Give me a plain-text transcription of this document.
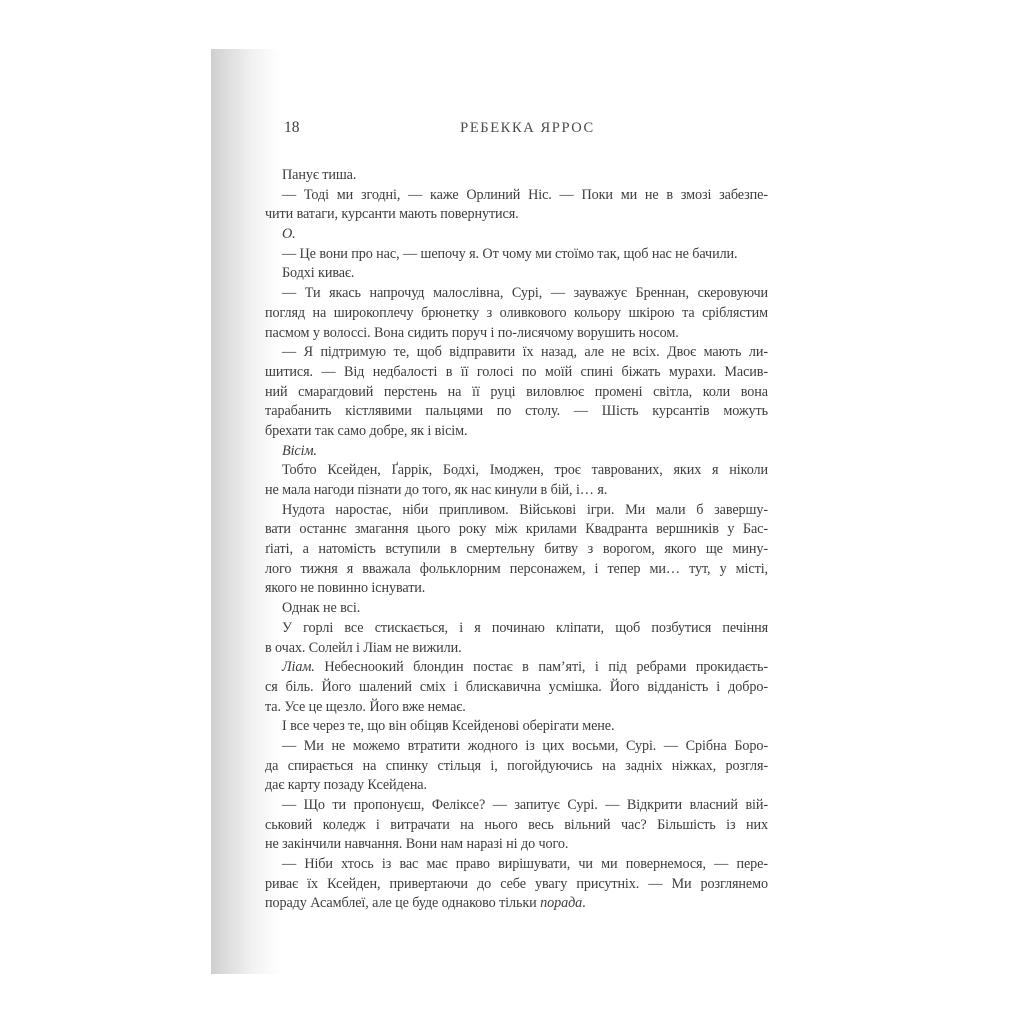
18	РЕБЕККА ЯРРОС
Панує тиша.
— Тоді ми згодні, — каже Орлиний Ніс. — Поки ми не в змозі забезпе-
чити ватаги, курсанти мають повернутися.
О.
— Це вони про нас, — шепочу я. От чому ми стоїмо так, щоб нас не бачили.
Бодхі киває.
— Ти якась напрочуд малослівна, Сурі, — зауважує Бреннан, скеровуючи
погляд на широкоплечу брюнетку з оливкового кольору шкірою та сріблястим
пасмом у волоссі. Вона сидить поруч і по-лисячому ворушить носом.
— Я підтримую те, щоб відправити їх назад, але не всіх. Двоє мають ли-
шитися. — Від недбалості в її голосі по моїй спині біжать мурахи. Масив-
ний смарагдовий перстень на її руці виловлює промені світла, коли вона
тарабанить кістлявими пальцями по столу. — Шість курсантів можуть
брехати так само добре, як і вісім.
Вісім.
Тобто Ксейден, Ґаррік, Бодхі, Імоджен, троє таврованих, яких я ніколи
не мала нагоди пізнати до того, як нас кинули в бій, і… я.
Нудота наростає, ніби припливом. Військові ігри. Ми мали б завершу-
вати останнє змагання цього року між крилами Квадранта вершників у Бас-
ґіаті, а натомість вступили в смертельну битву з ворогом, якого ще мину-
лого тижня я вважала фольклорним персонажем, і тепер ми… тут, у місті,
якого не повинно існувати.
Однак не всі.
У горлі все стискається, і я починаю кліпати, щоб позбутися печіння
в очах. Солейл і Ліам не вижили.
Ліам. Небесноокий блондин постає в пам’яті, і під ребрами прокидаєть-
ся біль. Його шалений сміх і блискавична усмішка. Його відданість і добро-
та. Усе це щезло. Його вже немає.
І все через те, що він обіцяв Ксейденові оберігати мене.
— Ми не можемо втратити жодного із цих восьми, Сурі. — Срібна Боро-
да спирається на спинку стільця і, погойдуючись на задніх ніжках, розгля-
дає карту позаду Ксейдена.
— Що ти пропонуєш, Феліксе? — запитує Сурі. — Відкрити власний вій-
ськовий коледж і витрачати на нього весь вільний час? Більшість із них
не закінчили навчання. Вони нам наразі ні до чого.
— Ніби хтось із вас має право вирішувати, чи ми повернемося, — пере-
риває їх Ксейден, привертаючи до себе увагу присутніх. — Ми розглянемо
пораду Асамблеї, але це буде однаково тільки порада.
